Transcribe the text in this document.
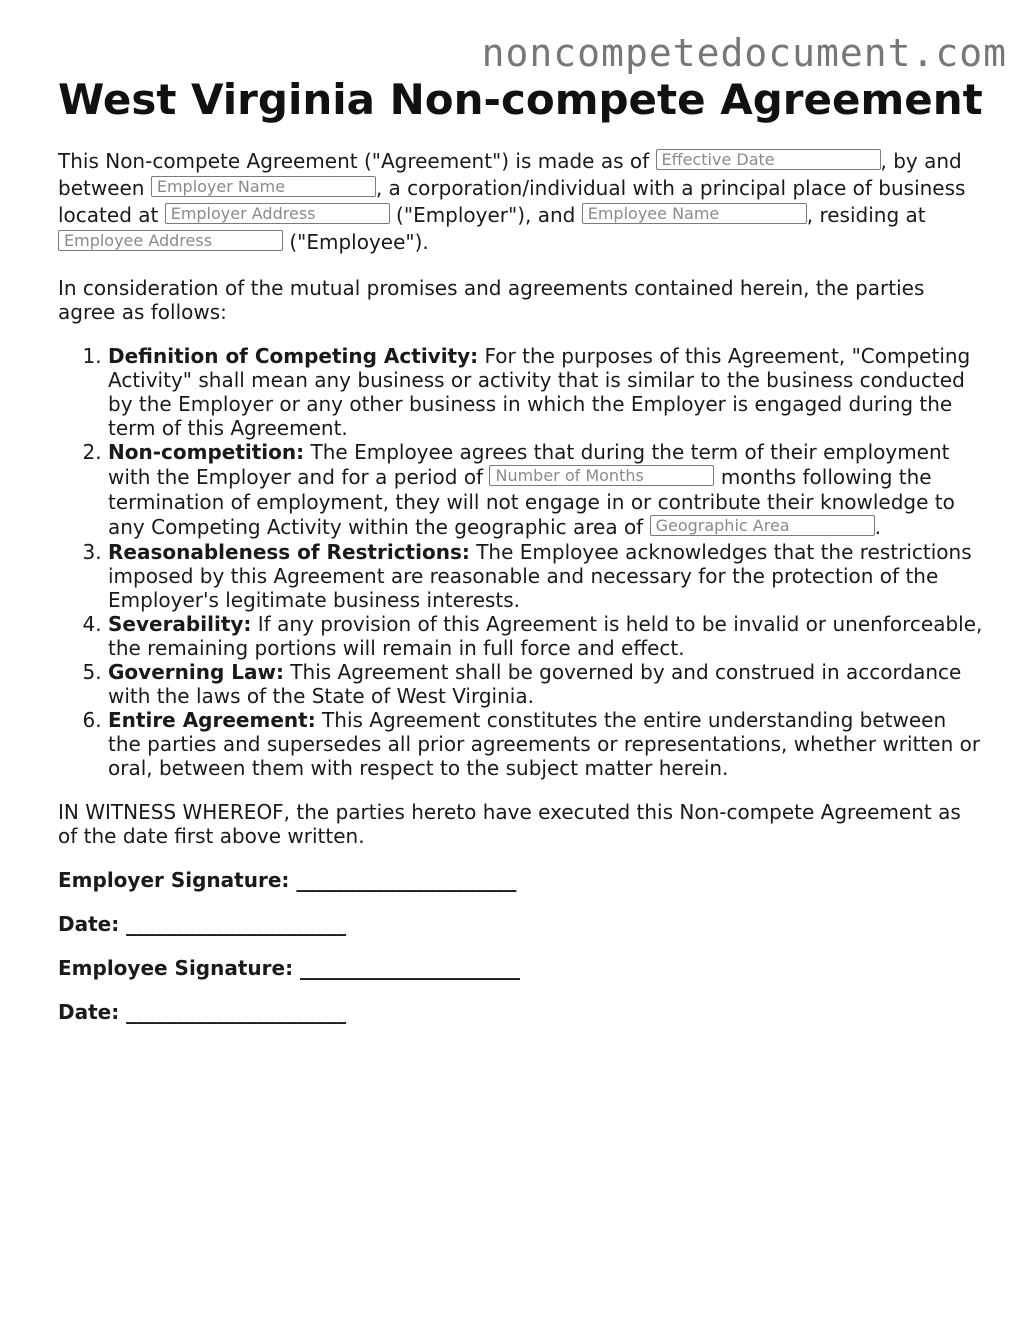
noncompetedocument.com
West Virginia Non-compete Agreement

This Non-compete Agreement ("Agreement") is made as of Effective Date	, by and between Employer Name	, a corporation/individual with a principal place of business located at Employer Address	("Employer"), and Employee Name	, residing at Employee Address	("Employee").

In consideration of the mutual promises and agreements contained herein, the parties agree as follows:

1. Definition of Competing Activity: For the purposes of this Agreement, "Competing Activity" shall mean any business or activity that is similar to the business conducted by the Employer or any other business in which the Employer is engaged during the term of this Agreement.
2. Non-competition: The Employee agrees that during the term of their employment with the Employer and for a period of Number of Months	months following the termination of employment, they will not engage in or contribute their knowledge to any Competing Activity within the geographic area of Geographic Area	.
3. Reasonableness of Restrictions: The Employee acknowledges that the restrictions imposed by this Agreement are reasonable and necessary for the protection of the Employer's legitimate business interests.
4. Severability: If any provision of this Agreement is held to be invalid or unenforceable, the remaining portions will remain in full force and effect.
5. Governing Law: This Agreement shall be governed by and construed in accordance with the laws of the State of West Virginia.
6. Entire Agreement: This Agreement constitutes the entire understanding between the parties and supersedes all prior agreements or representations, whether written or oral, between them with respect to the subject matter herein.

IN WITNESS WHEREOF, the parties hereto have executed this Non-compete Agreement as of the date first above written.

Employer Signature: ______________________

Date: ______________________

Employee Signature: ______________________

Date: ______________________
